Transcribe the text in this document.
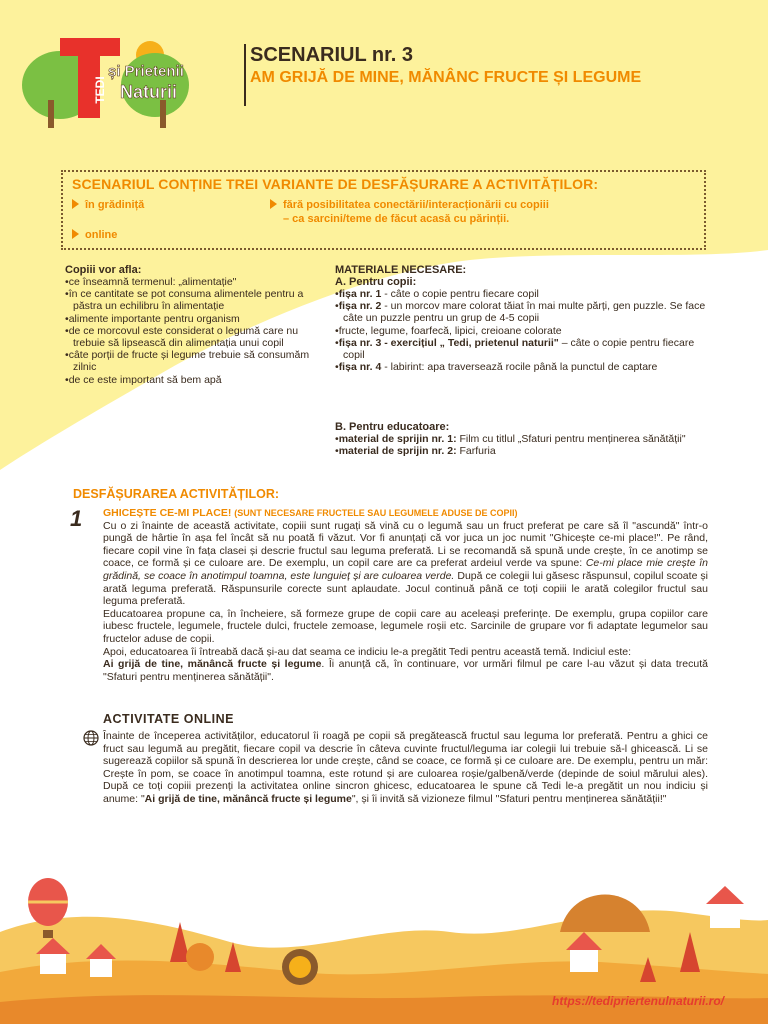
TEDI
și Prietenii
Naturii
SCENARIUL nr. 3
AM GRIJĂ DE MINE, MĂNÂNC FRUCTE ȘI LEGUME
SCENARIUL CONȚINE TREI VARIANTE DE DESFĂȘURARE A ACTIVITĂȚILOR:
în grădiniță
online
fără posibilitatea conectării/interacționării cu copiii
– ca sarcini/teme de făcut acasă cu părinții.

Copiii vor afla:

• ce înseamnă termenul: „alimentație"
• în ce cantitate se pot consuma alimentele pentru a păstra un echilibru în alimentație
• alimente importante pentru organism
• de ce morcovul este considerat o legumă care nu trebuie să lipsească din alimentația unui copil
• câte porții de fructe și legume trebuie să consumăm zilnic
• de ce este important să bem apă

MATERIALE NECESARE:

A. Pentru copii:

• fișa nr. 1 - câte o copie pentru fiecare copil
• fișa nr. 2 - un morcov mare colorat tăiat în mai multe părți, gen puzzle. Se face câte un puzzle pentru un grup de 4-5 copii
• fructe, legume, foarfecă, lipici, creioane colorate
• fișa nr. 3 - exercițiul „ Tedi, prietenul naturii" – câte o copie pentru fiecare copil
• fișa nr. 4 - labirint: apa traversează rocile până la punctul de captare

B. Pentru educatoare:

• material de sprijin nr. 1: Film cu titlul „Sfaturi pentru menținerea sănătății"
• material de sprijin nr. 2: Farfuria
DESFĂȘURAREA ACTIVITĂȚILOR:
1 GHICEȘTE CE-MI PLACE! (SUNT NECESARE FRUCTELE SAU LEGUMELE ADUSE DE COPII)

Cu o zi înainte de această activitate, copiii sunt rugați să vină cu o legumă sau un fruct preferat pe care să îl "ascundă" într-o pungă de hârtie în așa fel încât să nu poată fi văzut. Vor fi anunțați că vor juca un joc numit "Ghicește ce-mi place!". Pe rând, fiecare copil vine în fața clasei și descrie fructul sau leguma preferată. Li se recomandă să spună unde crește, în ce anotimp se coace, ce formă și ce culoare are. De exemplu, un copil care are ca preferat ardeiul verde va spune: Ce-mi place mie crește în grădină, se coace în anotimpul toamna, este lunguieț și are culoarea verde. După ce colegii lui găsesc răspunsul, copilul scoate și arată leguma preferată. Răspunsurile corecte sunt aplaudate. Jocul continuă până ce toți copiii le arată colegilor fructul sau leguma preferată.

Educatoarea propune ca, în încheiere, să formeze grupe de copii care au aceleași preferințe. De exemplu, grupa copiilor care iubesc fructele, legumele, fructele dulci, fructele zemoase, legumele roșii etc. Sarcinile de grupare vor fi adaptate legumelor sau fructelor aduse de copii.

Apoi, educatoarea îi întreabă dacă și-au dat seama ce indiciu le-a pregătit Tedi pentru această temă. Indiciul este:

Ai grijă de tine, mănâncă fructe și legume. Îi anunță că, în continuare, vor urmări filmul pe care l-au văzut și data trecută "Sfaturi pentru menținerea sănătății".

ACTIVITATE ONLINE

Înainte de începerea activităților, educatorul îi roagă pe copii să pregătească fructul sau leguma lor preferată. Pentru a ghici ce fruct sau legumă au pregătit, fiecare copil va descrie în câteva cuvinte fructul/leguma iar colegii lui trebuie să-l ghicească. Li se sugerează copiilor să spună în descrierea lor unde crește, când se coace, ce formă și ce culoare are. De exemplu, pentru un măr: Crește în pom, se coace în anotimpul toamna, este rotund și are culoarea roșie/galbenă/verde (depinde de soiul mărului ales). După ce toți copiii prezenți la activitatea online sincron ghicesc, educatoarea le spune că Tedi le-a pregătit un nou indiciu și anume: "Ai grijă de tine, mănâncă fructe și legume", și îi invită să vizioneze filmul "Sfaturi pentru menținerea sănătății!"

https://tedipriertenulnaturii.ro/
